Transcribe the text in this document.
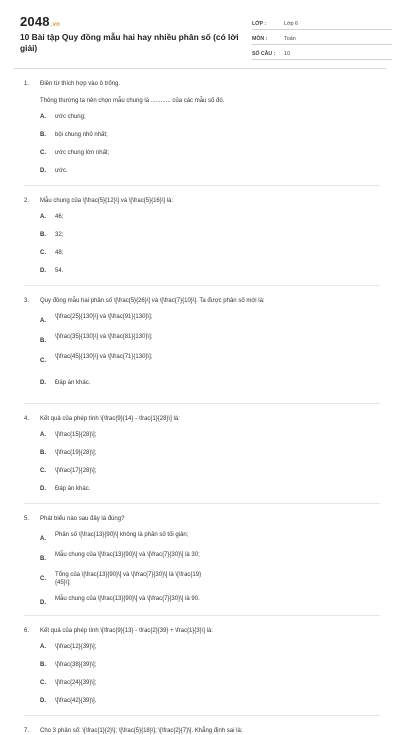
2048.vn
10 Bài tập Quy đồng mẫu hai hay nhiều phân số (có lời giải)
LỚP :	Lớp 6
MÔN :	Toán
SỐ CÂU :	10
1.	Điền từ thích hợp vào ô trống.
Thông thường ta nên chọn mẫu chung là ............ của các mẫu số đó.
A.	ước chung;
B.	bội chung nhỏ nhất;
C.	ước chung lớn nhất;
D.	ước.
2.	Mẫu chung của \[\frac{5}{12}\] và \[\frac{5}{16}\] là:
A.	46;
B.	32;
C.	48;
D.	54.
3.	Quy đồng mẫu hai phân số \[\frac{5}{26}\] và \[\frac{7}{10}\]. Ta được phân số mới là:
A.
\[\frac{25}{130}\] và \[\frac{91}{130}\];
B.
\[\frac{35}{130}\] và \[\frac{81}{130}\];
C.
\[\frac{45}{130}\] và \[\frac{71}{130}\];
D.	Đáp án khác.
4.	Kết quả của phép tính \[\frac{9}{14} - \frac{1}{28}\] là:
A.	\[\frac{15}{28}\];
B.	\[\frac{19}{28}\];
C.	\[\frac{17}{28}\];
D.	Đáp án khác.
5.	Phát biểu nào sau đây là đúng?
A.
Phân số \[\frac{13}{90}\] không là phân số tối giản;
B.
Mẫu chung của \[\frac{13}{90}\] và \[\frac{7}{30}\] là 30;
C.
Tổng của \[\frac{13}{90}\] và \[\frac{7}{30}\] là \[\frac{19}{45}\];
D.
Mẫu chung của \[\frac{13}{90}\] và \[\frac{7}{30}\] là 90.
6.	Kết quả của phép tính \[\frac{9}{13} - \frac{2}{39} + \frac{1}{3}\] là:
A.	\[\frac{12}{39}\];
B.	\[\frac{38}{39}\];
C.	\[\frac{24}{39}\];
D.	\[\frac{42}{39}\].
7.	Cho 3 phân số: \[\frac{1}{2}\]; \[\frac{5}{18}\]; \[\frac{2}{7}\]. Khẳng định sai là:
